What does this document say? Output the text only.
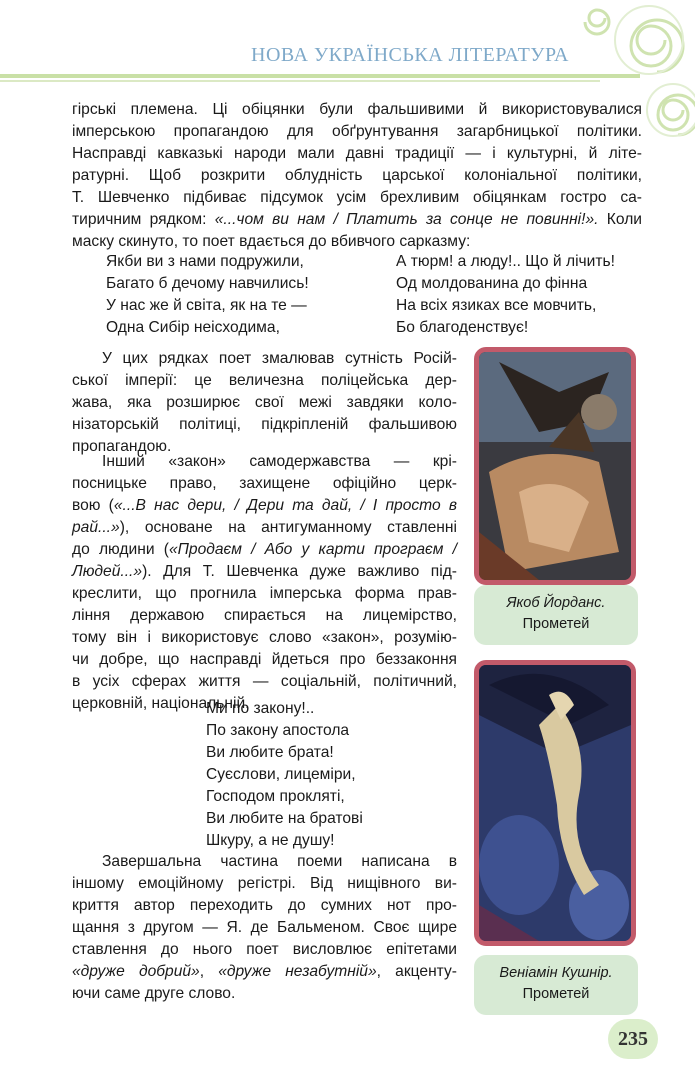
НОВА УКРАЇНСЬКА ЛІТЕРАТУРА
гірські племена. Ці обіцянки були фальшивими й використовувалися
імперською пропагандою для обґрунтування загарбницької політики.
Насправді кавказькі народи мали давні традиції — і культурні, й літе-
ратурні. Щоб розкрити облудність царської колоніальної політики,
Т. Шевченко підбиває підсумок усім брехливим обіцянкам гостро са-
тиричним рядком: «...чом ви нам / Платить за сонце не повинні!». Коли
маску скинуто, то поет вдається до вбивчого сарказму:
Якби ви з нами подружили,
Багато б дечому навчились!
У нас же й світа, як на те —
Одна Сибір неісходима,
А тюрм! а люду!.. Що й лічить!
Од молдованина до фінна
На всіх язиках все мовчить,
Бо благоденствує!
У цих рядках поет змалював сутність Росій-
ської імперії: це величезна поліцейська дер-
жава, яка розширює свої межі завдяки коло-
нізаторській політиці, підкріпленій фальшивою
пропагандою.
Інший «закон» самодержавства — крі-
посницьке право, захищене офіційно церк-
вою («...В нас дери, / Дери та дай, / І просто в
рай...»), основане на антигуманному ставленні
до людини («Продаєм / Або у карти програєм /
Людей...»). Для Т. Шевченка дуже важливо під-
креслити, що прогнила імперська форма прав-
ління державою спирається на лицемірство,
тому він і використовує слово «закон», розумію-
чи добре, що насправді йдеться про беззаконня
в усіх сферах життя — соціальній, політичний,
церковній, національній.
Ми по закону!..
По закону апостола
Ви любите брата!
Суєслови, лицеміри,
Господом прокляті,
Ви любите на братові
Шкуру, а не душу!
Завершальна частина поеми написана в
іншому емоційному регістрі. Від нищівного ви-
криття автор переходить до сумних нот про-
щання з другом — Я. де Бальменом. Своє щире
ставлення до нього поет висловлює епітетами
«друже добрий», «друже незабутній», акценту-
ючи саме друге слово.
Якоб Йорданс.
Прометей
Веніамін Кушнір.
Прометей
235
